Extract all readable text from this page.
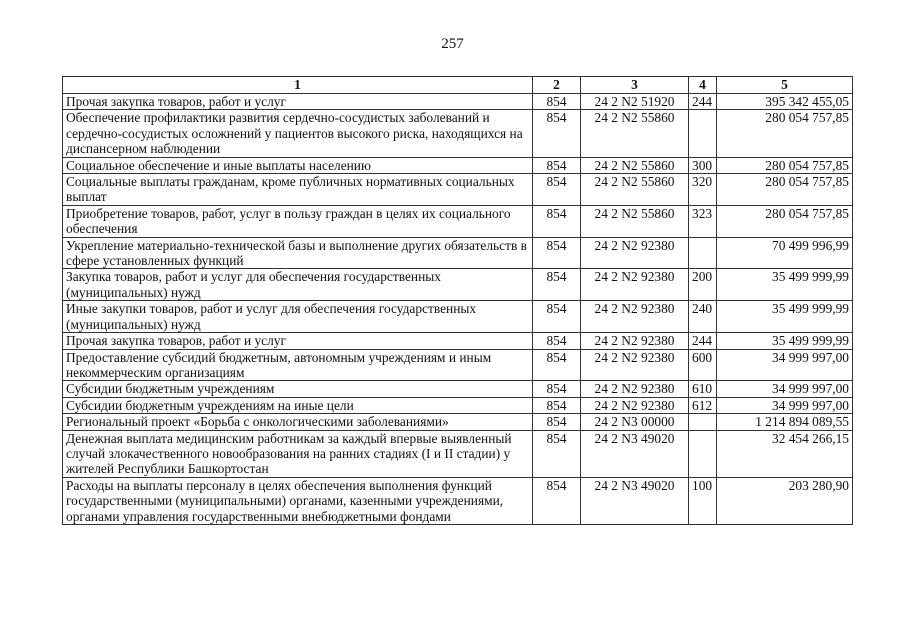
257
1	2	3	4	5
Прочая закупка товаров, работ и услуг	854	24 2 N2 51920	244	395 342 455,05
Обеспечение профилактики развития сердечно-сосудистых заболеваний и сердечно-сосудистых осложнений у пациентов высокого риска, находящихся на диспансерном наблюдении	854	24 2 N2 55860		280 054 757,85
Социальное обеспечение и иные выплаты населению	854	24 2 N2 55860	300	280 054 757,85
Социальные выплаты гражданам, кроме публичных нормативных социальных выплат	854	24 2 N2 55860	320	280 054 757,85
Приобретение товаров, работ, услуг в пользу граждан в целях их социального обеспечения	854	24 2 N2 55860	323	280 054 757,85
Укрепление материально-технической базы и выполнение других обязательств в сфере установленных функций	854	24 2 N2 92380		70 499 996,99
Закупка товаров, работ и услуг для обеспечения государственных (муниципальных) нужд	854	24 2 N2 92380	200	35 499 999,99
Иные закупки товаров, работ и услуг для обеспечения государственных (муниципальных) нужд	854	24 2 N2 92380	240	35 499 999,99
Прочая закупка товаров, работ и услуг	854	24 2 N2 92380	244	35 499 999,99
Предоставление субсидий бюджетным, автономным учреждениям и иным некоммерческим организациям	854	24 2 N2 92380	600	34 999 997,00
Субсидии бюджетным учреждениям	854	24 2 N2 92380	610	34 999 997,00
Субсидии бюджетным учреждениям на иные цели	854	24 2 N2 92380	612	34 999 997,00
Региональный проект «Борьба с онкологическими заболеваниями»	854	24 2 N3 00000		1 214 894 089,55
Денежная выплата медицинским работникам за каждый впервые выявленный случай злокачественного новообразования на ранних стадиях (I и II стадии) у жителей Республики Башкортостан	854	24 2 N3 49020		32 454 266,15
Расходы на выплаты персоналу в целях обеспечения выполнения функций государственными (муниципальными) органами, казенными учреждениями, органами управления государственными внебюджетными фондами	854	24 2 N3 49020	100	203 280,90
